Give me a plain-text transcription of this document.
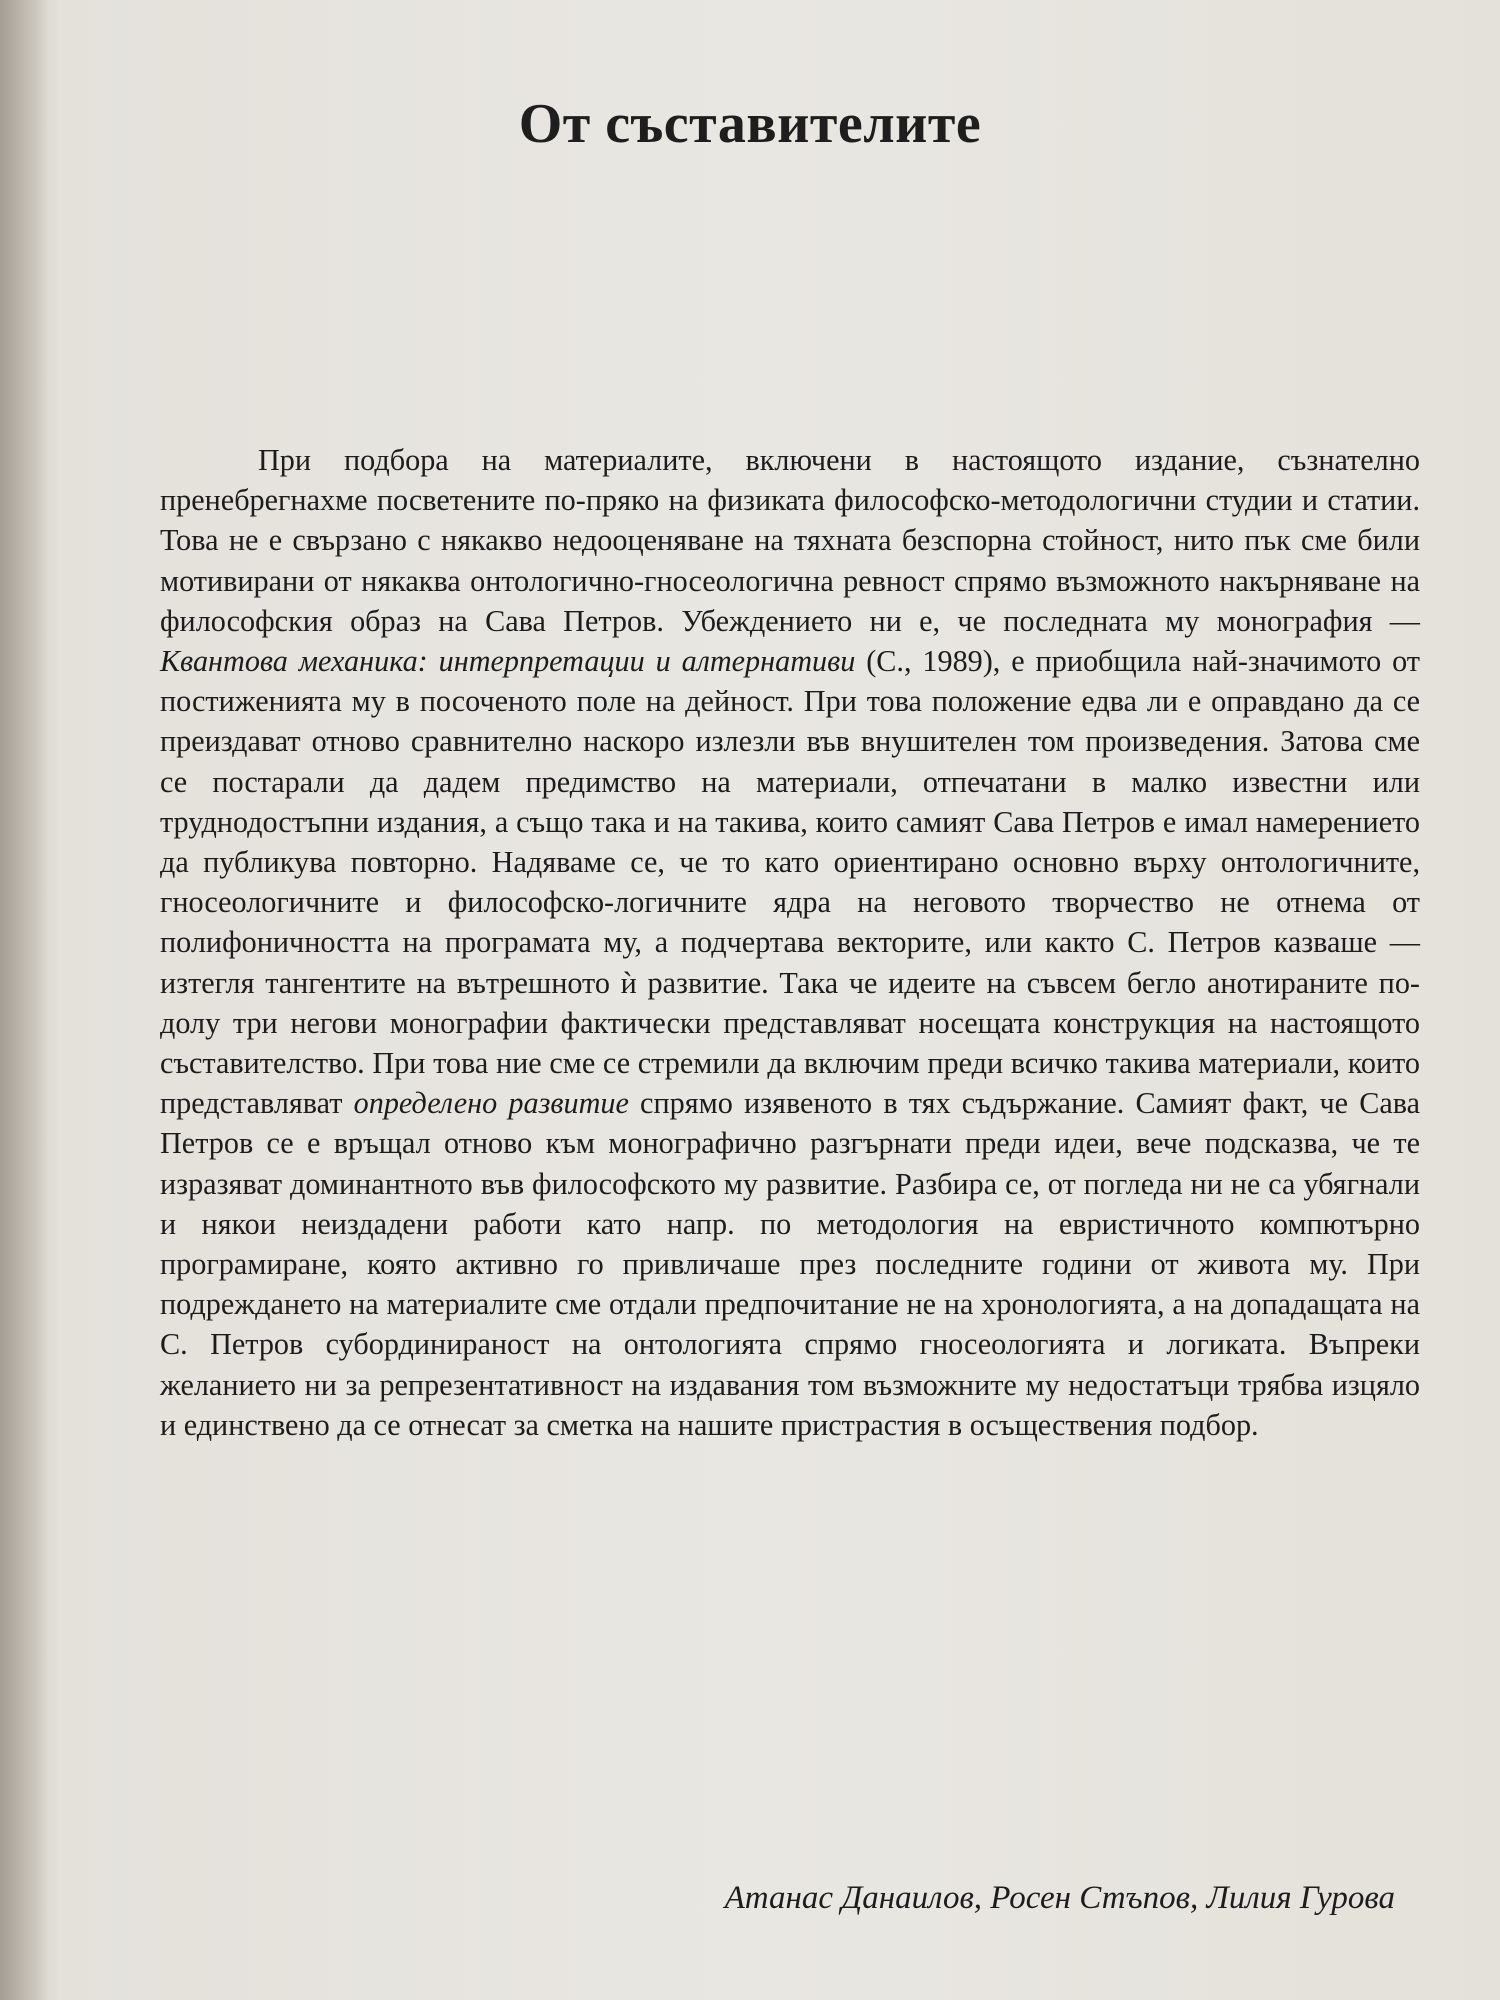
От съставителите

При подбора на материалите, включени в настоящото издание, съзнателно пренебрегнахме посветените по-пряко на физиката философско-методологични студии и статии. Това не е свързано с някакво недооценяване на тяхната безспорна стойност, нито пък сме били мотивирани от някаква онтологично-гносеологична ревност спрямо възможното накърняване на философския образ на Сава Петров. Убеждението ни е, че последната му монография — Квантова механика: интерпретации и алтернативи (С., 1989), е приобщила най-значимото от постиженията му в посоченото поле на дейност. При това положение едва ли е оправдано да се преиздават отново сравнително наскоро излезли във внушителен том произведения. Затова сме се постарали да дадем предимство на материали, отпечатани в малко известни или труднодостъпни издания, а също така и на такива, които самият Сава Петров е имал намерението да публикува повторно. Надяваме се, че то като ориентирано основно върху онтологичните, гносеологичните и философско-логичните ядра на неговото творчество не отнема от полифоничността на програмата му, а подчертава векторите, или както С. Петров казваше — изтегля тангентите на вътрешното ѝ развитие. Така че идеите на съвсем бегло анотираните по-долу три негови монографии фактически представляват носещата конструкция на настоящото съставителство. При това ние сме се стремили да включим преди всичко такива материали, които представляват определено развитие спрямо изявеното в тях съдържание. Самият факт, че Сава Петров се е връщал отново към монографично разгърнати преди идеи, вече подсказва, че те изразяват доминантното във философското му развитие. Разбира се, от погледа ни не са убягнали и някои неиздадени работи като напр. по методология на евристичното компютърно програмиране, която активно го привличаше през последните години от живота му. При подреждането на материалите сме отдали предпочитание не на хронологията, а на допадащата на С. Петров субординираност на онтологията спрямо гносеологията и логиката. Въпреки желанието ни за репрезентативност на издавания том възможните му недостатъци трябва изцяло и единствено да се отнесат за сметка на нашите пристрастия в осъществения подбор.

Атанас Данаилов, Росен Стъпов, Лилия Гурова
